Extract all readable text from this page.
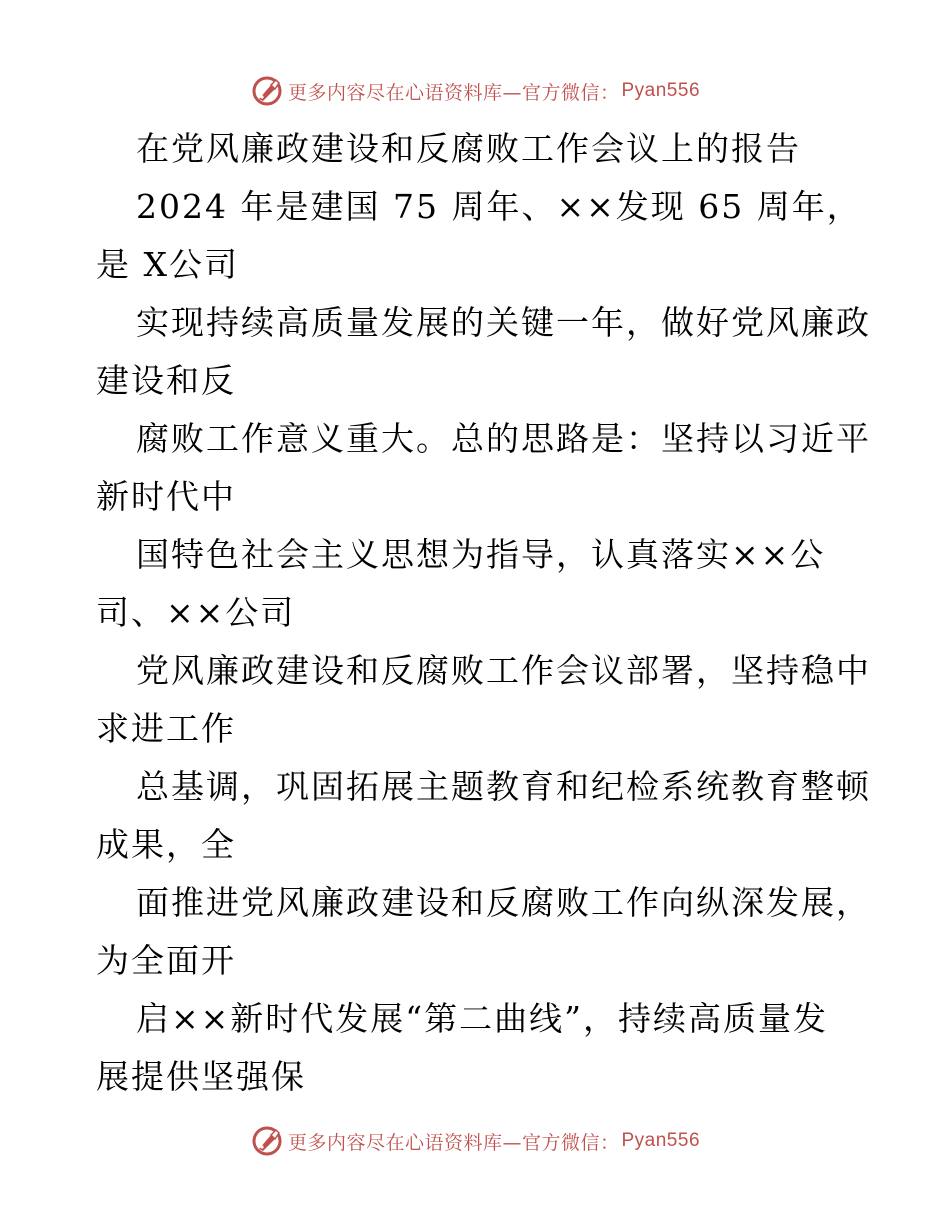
更多内容尽在心语资料库—官方微信： Pyan556
在党风廉政建设和反腐败工作会议上的报告
2024 年是建国 75 周年、××发现 65 周年，
是 X公司
实现持续高质量发展的关键一年，做好党风廉政
建设和反
腐败工作意义重大。总的思路是：坚持以习近平
新时代中
国特色社会主义思想为指导，认真落实××公
司、××公司
党风廉政建设和反腐败工作会议部署，坚持稳中
求进工作
总基调，巩固拓展主题教育和纪检系统教育整顿
成果，全
面推进党风廉政建设和反腐败工作向纵深发展，
为全面开
启××新时代发展“第二曲线”，持续高质量发
展提供坚强保
更多内容尽在心语资料库—官方微信： Pyan556
